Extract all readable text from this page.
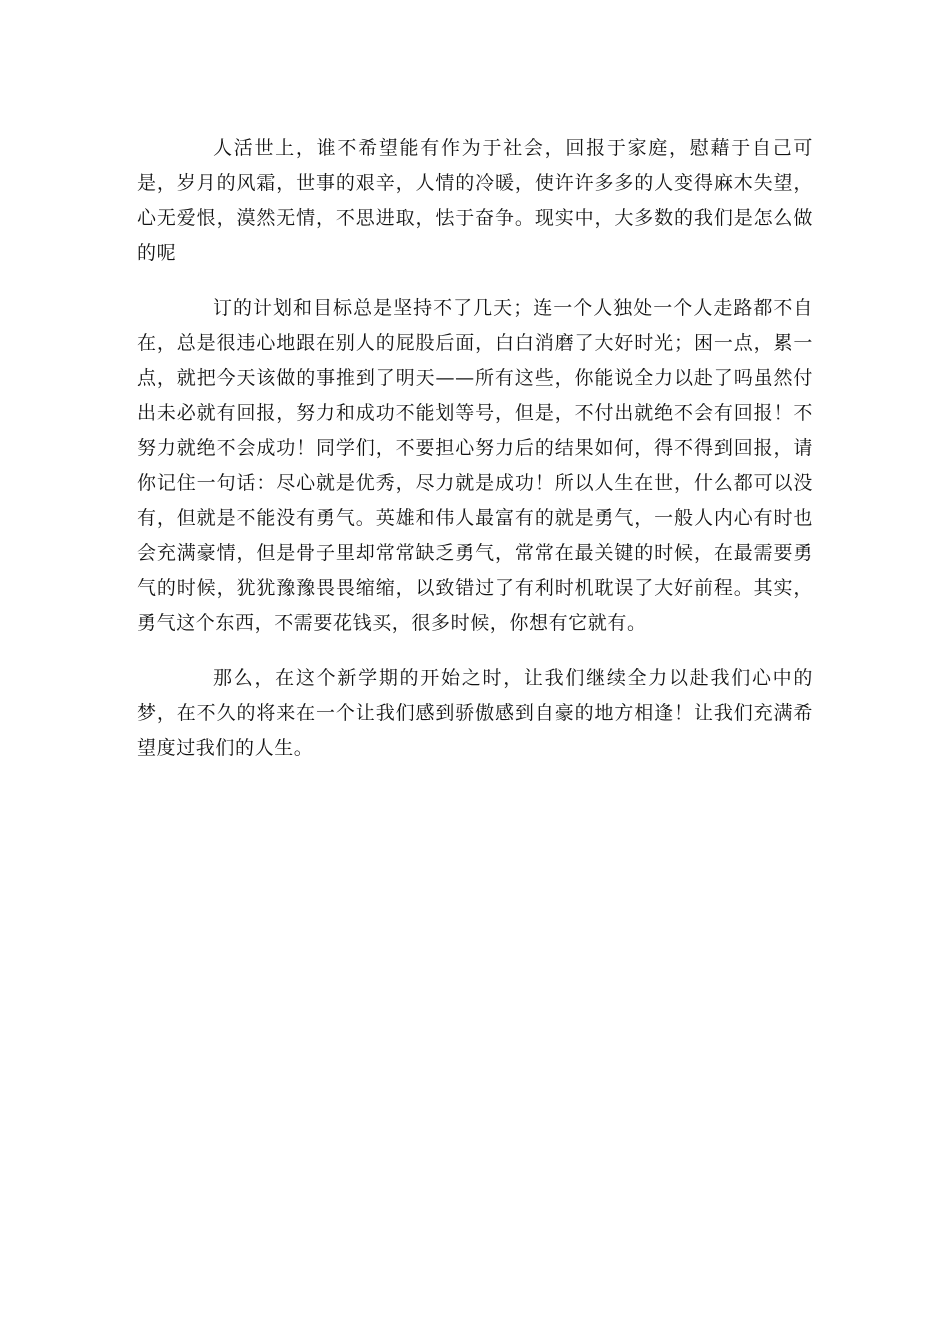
人活世上，谁不希望能有作为于社会，回报于家庭，慰藉于自己可是，岁月的风霜，世事的艰辛，人情的冷暖，使许许多多的人变得麻木失望，心无爱恨，漠然无情，不思进取，怯于奋争。现实中，大多数的我们是怎么做的呢

订的计划和目标总是坚持不了几天；连一个人独处一个人走路都不自在，总是很违心地跟在别人的屁股后面，白白消磨了大好时光；困一点，累一点，就把今天该做的事推到了明天——所有这些，你能说全力以赴了吗虽然付出未必就有回报，努力和成功不能划等号，但是，不付出就绝不会有回报！不努力就绝不会成功！同学们，不要担心努力后的结果如何，得不得到回报，请你记住一句话：尽心就是优秀，尽力就是成功！所以人生在世，什么都可以没有，但就是不能没有勇气。英雄和伟人最富有的就是勇气，一般人内心有时也会充满豪情，但是骨子里却常常缺乏勇气，常常在最关键的时候，在最需要勇气的时候，犹犹豫豫畏畏缩缩，以致错过了有利时机耽误了大好前程。其实，勇气这个东西，不需要花钱买，很多时候，你想有它就有。

那么，在这个新学期的开始之时，让我们继续全力以赴我们心中的梦，在不久的将来在一个让我们感到骄傲感到自豪的地方相逢！让我们充满希望度过我们的人生。
